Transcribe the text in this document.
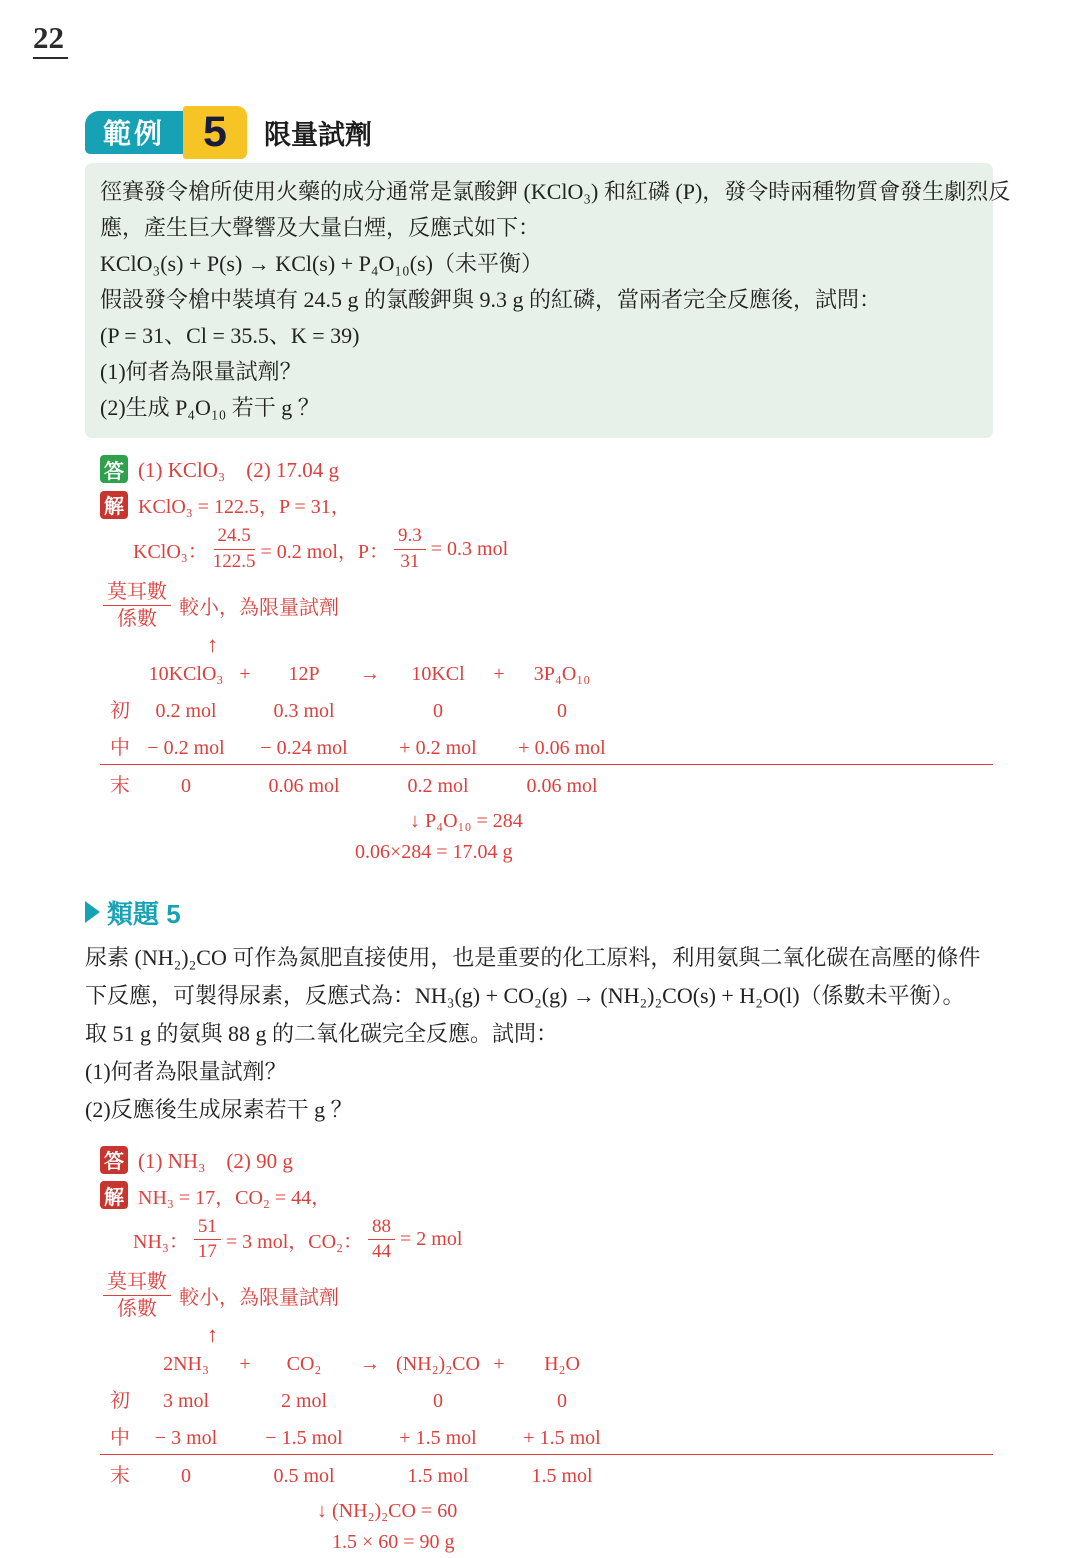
22
範例 5	限量試劑
徑賽發令槍所使用火藥的成分通常是氯酸鉀 (KClO₃) 和紅磷 (P)，發令時兩種物質會發生劇烈反
應，產生巨大聲響及大量白煙，反應式如下：
KClO₃(s) + P(s) → KCl(s) + P₄O₁₀(s)（未平衡）
假設發令槍中裝填有 24.5 g 的氯酸鉀與 9.3 g 的紅磷，當兩者完全反應後，試問：
(P = 31、Cl = 35.5、K = 39)
(1)何者為限量試劑？
(2)生成 P₄O₁₀ 若干 g ？
答 (1) KClO₃　(2) 17.04 g
解 KClO₃ = 122.5，P = 31，
KClO₃： $\frac{24.5}{122.5} = 0.2$ mol，P： $\frac{9.3}{31} = 0.3$ mol
$\frac{\text{莫耳數}}{\text{係數}}$ 較小，為限量試劑
↑
10KClO₃ +	12P	→	10KCl	+	3P₄O₁₀
初	0.2 mol	0.3 mol	0	0
中 − 0.2 mol	− 0.24 mol	+ 0.2 mol	+ 0.06 mol
末	0	0.06 mol	0.2 mol	0.06 mol
↓ P₄O₁₀ = 284
0.06×284 = 17.04 g
類題 5
尿素 (NH₂)₂CO 可作為氮肥直接使用，也是重要的化工原料，利用氨與二氧化碳在高壓的條件
下反應，可製得尿素，反應式為：NH₃(g) + CO₂(g) → (NH₂)₂CO(s) + H₂O(l)（係數未平衡）。
取 51 g 的氨與 88 g 的二氧化碳完全反應。試問：
(1)何者為限量試劑？
(2)反應後生成尿素若干 g ？
答 (1) NH₃　(2) 90 g
解 NH₃ = 17，CO₂ = 44，
NH₃： $\frac{51}{17} = 3$ mol，CO₂： $\frac{88}{44} = 2$ mol
$\frac{\text{莫耳數}}{\text{係數}}$ 較小，為限量試劑
↑
2NH₃	+	CO₂	→ (NH₂)₂CO +	H₂O
初	3 mol	2 mol	0	0
中	− 3 mol	− 1.5 mol	+ 1.5 mol	+ 1.5 mol
末	0	0.5 mol	1.5 mol	1.5 mol
↓ (NH₂)₂CO = 60
1.5 × 60 = 90 g
